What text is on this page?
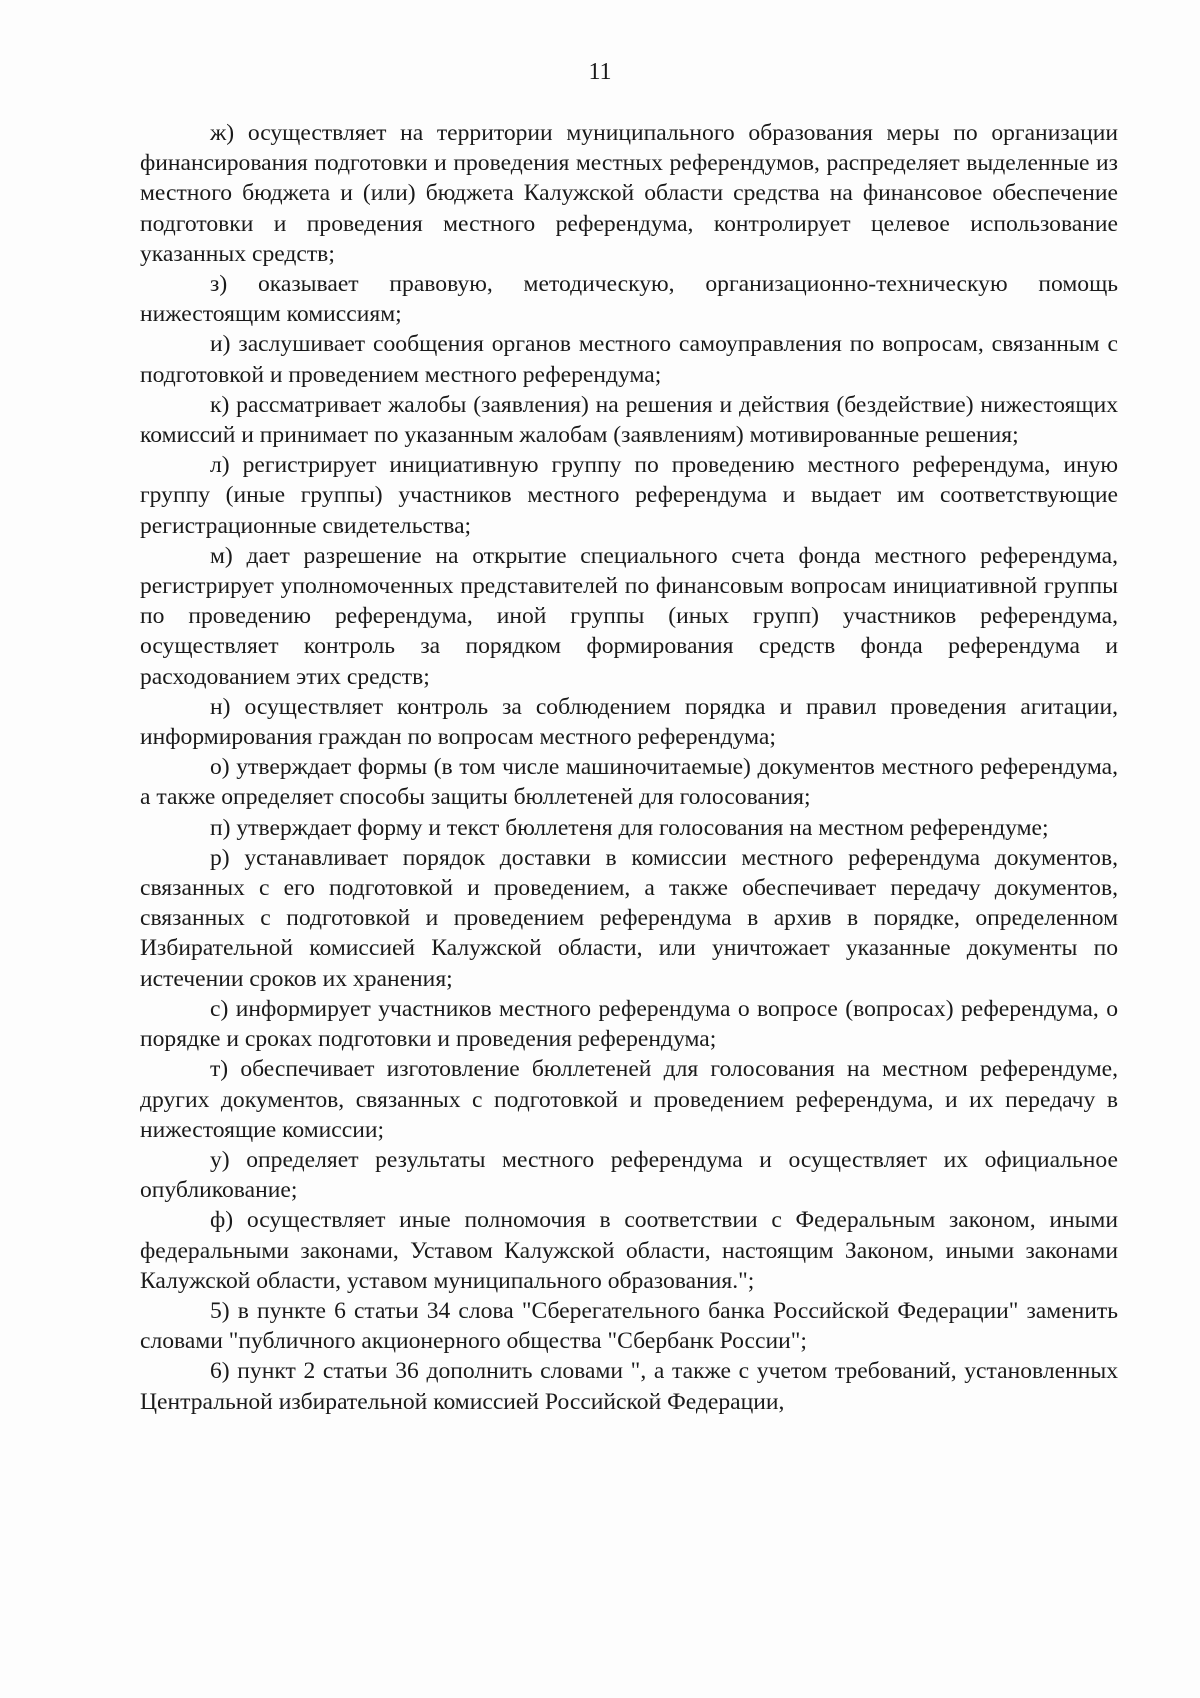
11

ж) осуществляет на территории муниципального образования меры по организации финансирования подготовки и проведения местных референдумов, распределяет выделенные из местного бюджета и (или) бюджета Калужской области средства на финансовое обеспечение подготовки и проведения местного референдума, контролирует целевое использование указанных средств;

з) оказывает правовую, методическую, организационно-техническую помощь нижестоящим комиссиям;

и) заслушивает сообщения органов местного самоуправления по вопросам, связанным с подготовкой и проведением местного референдума;

к) рассматривает жалобы (заявления) на решения и действия (бездействие) нижестоящих комиссий и принимает по указанным жалобам (заявлениям) мотивированные решения;

л) регистрирует инициативную группу по проведению местного референдума, иную группу (иные группы) участников местного референдума и выдает им соответствующие регистрационные свидетельства;

м) дает разрешение на открытие специального счета фонда местного референдума, регистрирует уполномоченных представителей по финансовым вопросам инициативной группы по проведению референдума, иной группы (иных групп) участников референдума, осуществляет контроль за порядком формирования средств фонда референдума и расходованием этих средств;

н) осуществляет контроль за соблюдением порядка и правил проведения агитации, информирования граждан по вопросам местного референдума;

о) утверждает формы (в том числе машиночитаемые) документов местного референдума, а также определяет способы защиты бюллетеней для голосования;

п) утверждает форму и текст бюллетеня для голосования на местном референдуме;

р) устанавливает порядок доставки в комиссии местного референдума документов, связанных с его подготовкой и проведением, а также обеспечивает передачу документов, связанных с подготовкой и проведением референдума в архив в порядке, определенном Избирательной комиссией Калужской области, или уничтожает указанные документы по истечении сроков их хранения;

с) информирует участников местного референдума о вопросе (вопросах) референдума, о порядке и сроках подготовки и проведения референдума;

т) обеспечивает изготовление бюллетеней для голосования на местном референдуме, других документов, связанных с подготовкой и проведением референдума, и их передачу в нижестоящие комиссии;

у) определяет результаты местного референдума и осуществляет их официальное опубликование;

ф) осуществляет иные полномочия в соответствии с Федеральным законом, иными федеральными законами, Уставом Калужской области, настоящим Законом, иными законами Калужской области, уставом муниципального образования.";

5) в пункте 6 статьи 34 слова "Сберегательного банка Российской Федерации" заменить словами "публичного акционерного общества "Сбербанк России";

6) пункт 2 статьи 36 дополнить словами ", а также с учетом требований, установленных Центральной избирательной комиссией Российской Федерации,
